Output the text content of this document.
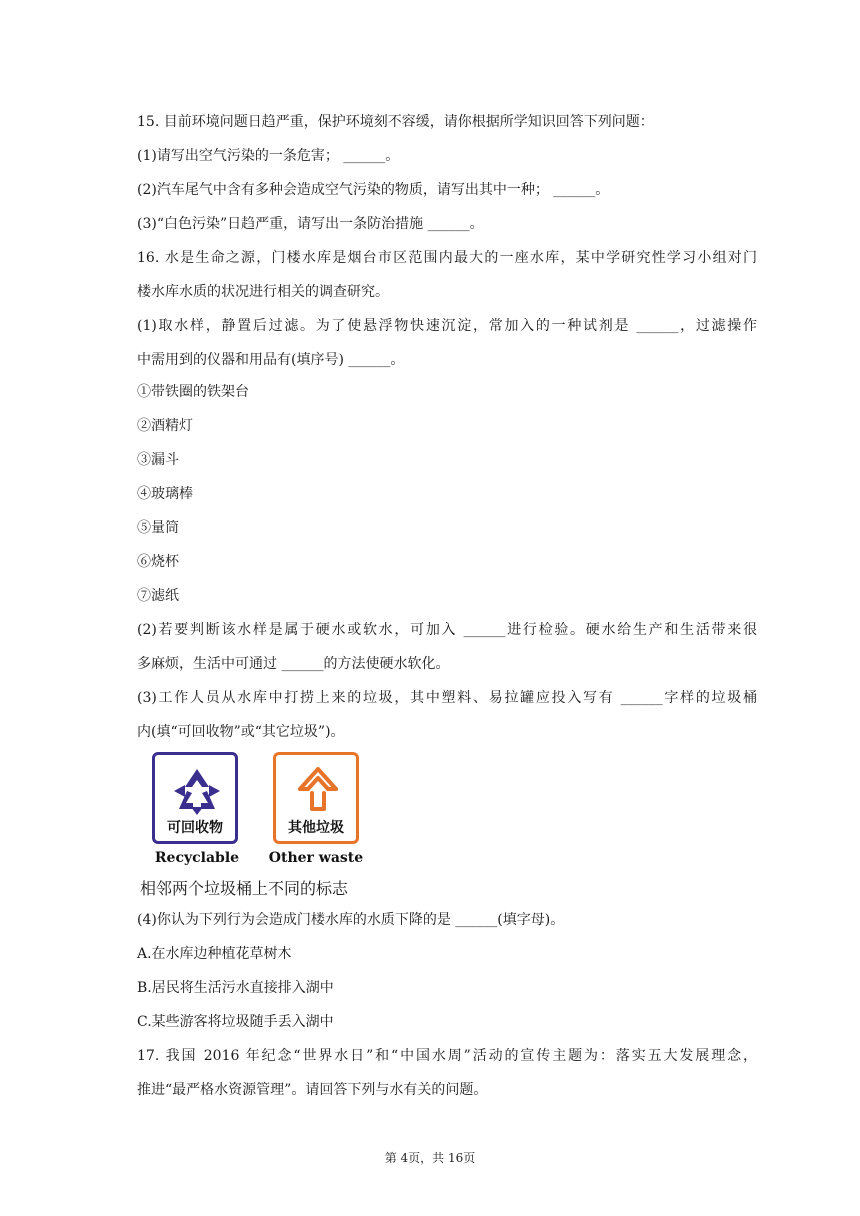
15. 目前环境问题日趋严重，保护环境刻不容缓，请你根据所学知识回答下列问题：
(1)请写出空气污染的一条危害； ______。
(2)汽车尾气中含有多种会造成空气污染的物质，请写出其中一种； ______。
(3)“白色污染”日趋严重，请写出一条防治措施 ______。
16. 水是生命之源，门楼水库是烟台市区范围内最大的一座水库，某中学研究性学习小组对门
楼水库水质的状况进行相关的调查研究。
(1)取水样，静置后过滤。为了使悬浮物快速沉淀，常加入的一种试剂是 ______，过滤操作
中需用到的仪器和用品有(填序号) ______。
①带铁圈的铁架台
②酒精灯
③漏斗
④玻璃棒
⑤量筒
⑥烧杯
⑦滤纸
(2)若要判断该水样是属于硬水或软水，可加入 ______进行检验。硬水给生产和生活带来很
多麻烦，生活中可通过 ______的方法使硬水软化。
(3)工作人员从水库中打捞上来的垃圾，其中塑料、易拉罐应投入写有 ______字样的垃圾桶
内(填“可回收物”或“其它垃圾”)。
可回收物
Recyclable
其他垃圾
Other waste
相邻两个垃圾桶上不同的标志
(4)你认为下列行为会造成门楼水库的水质下降的是 ______(填字母)。
A.在水库边种植花草树木
B.居民将生活污水直接排入湖中
C.某些游客将垃圾随手丢入湖中
17. 我国 2016 年纪念“世界水日”和“中国水周”活动的宣传主题为：落实五大发展理念，
推进“最严格水资源管理”。请回答下列与水有关的问题。
第 4页，共 16页
